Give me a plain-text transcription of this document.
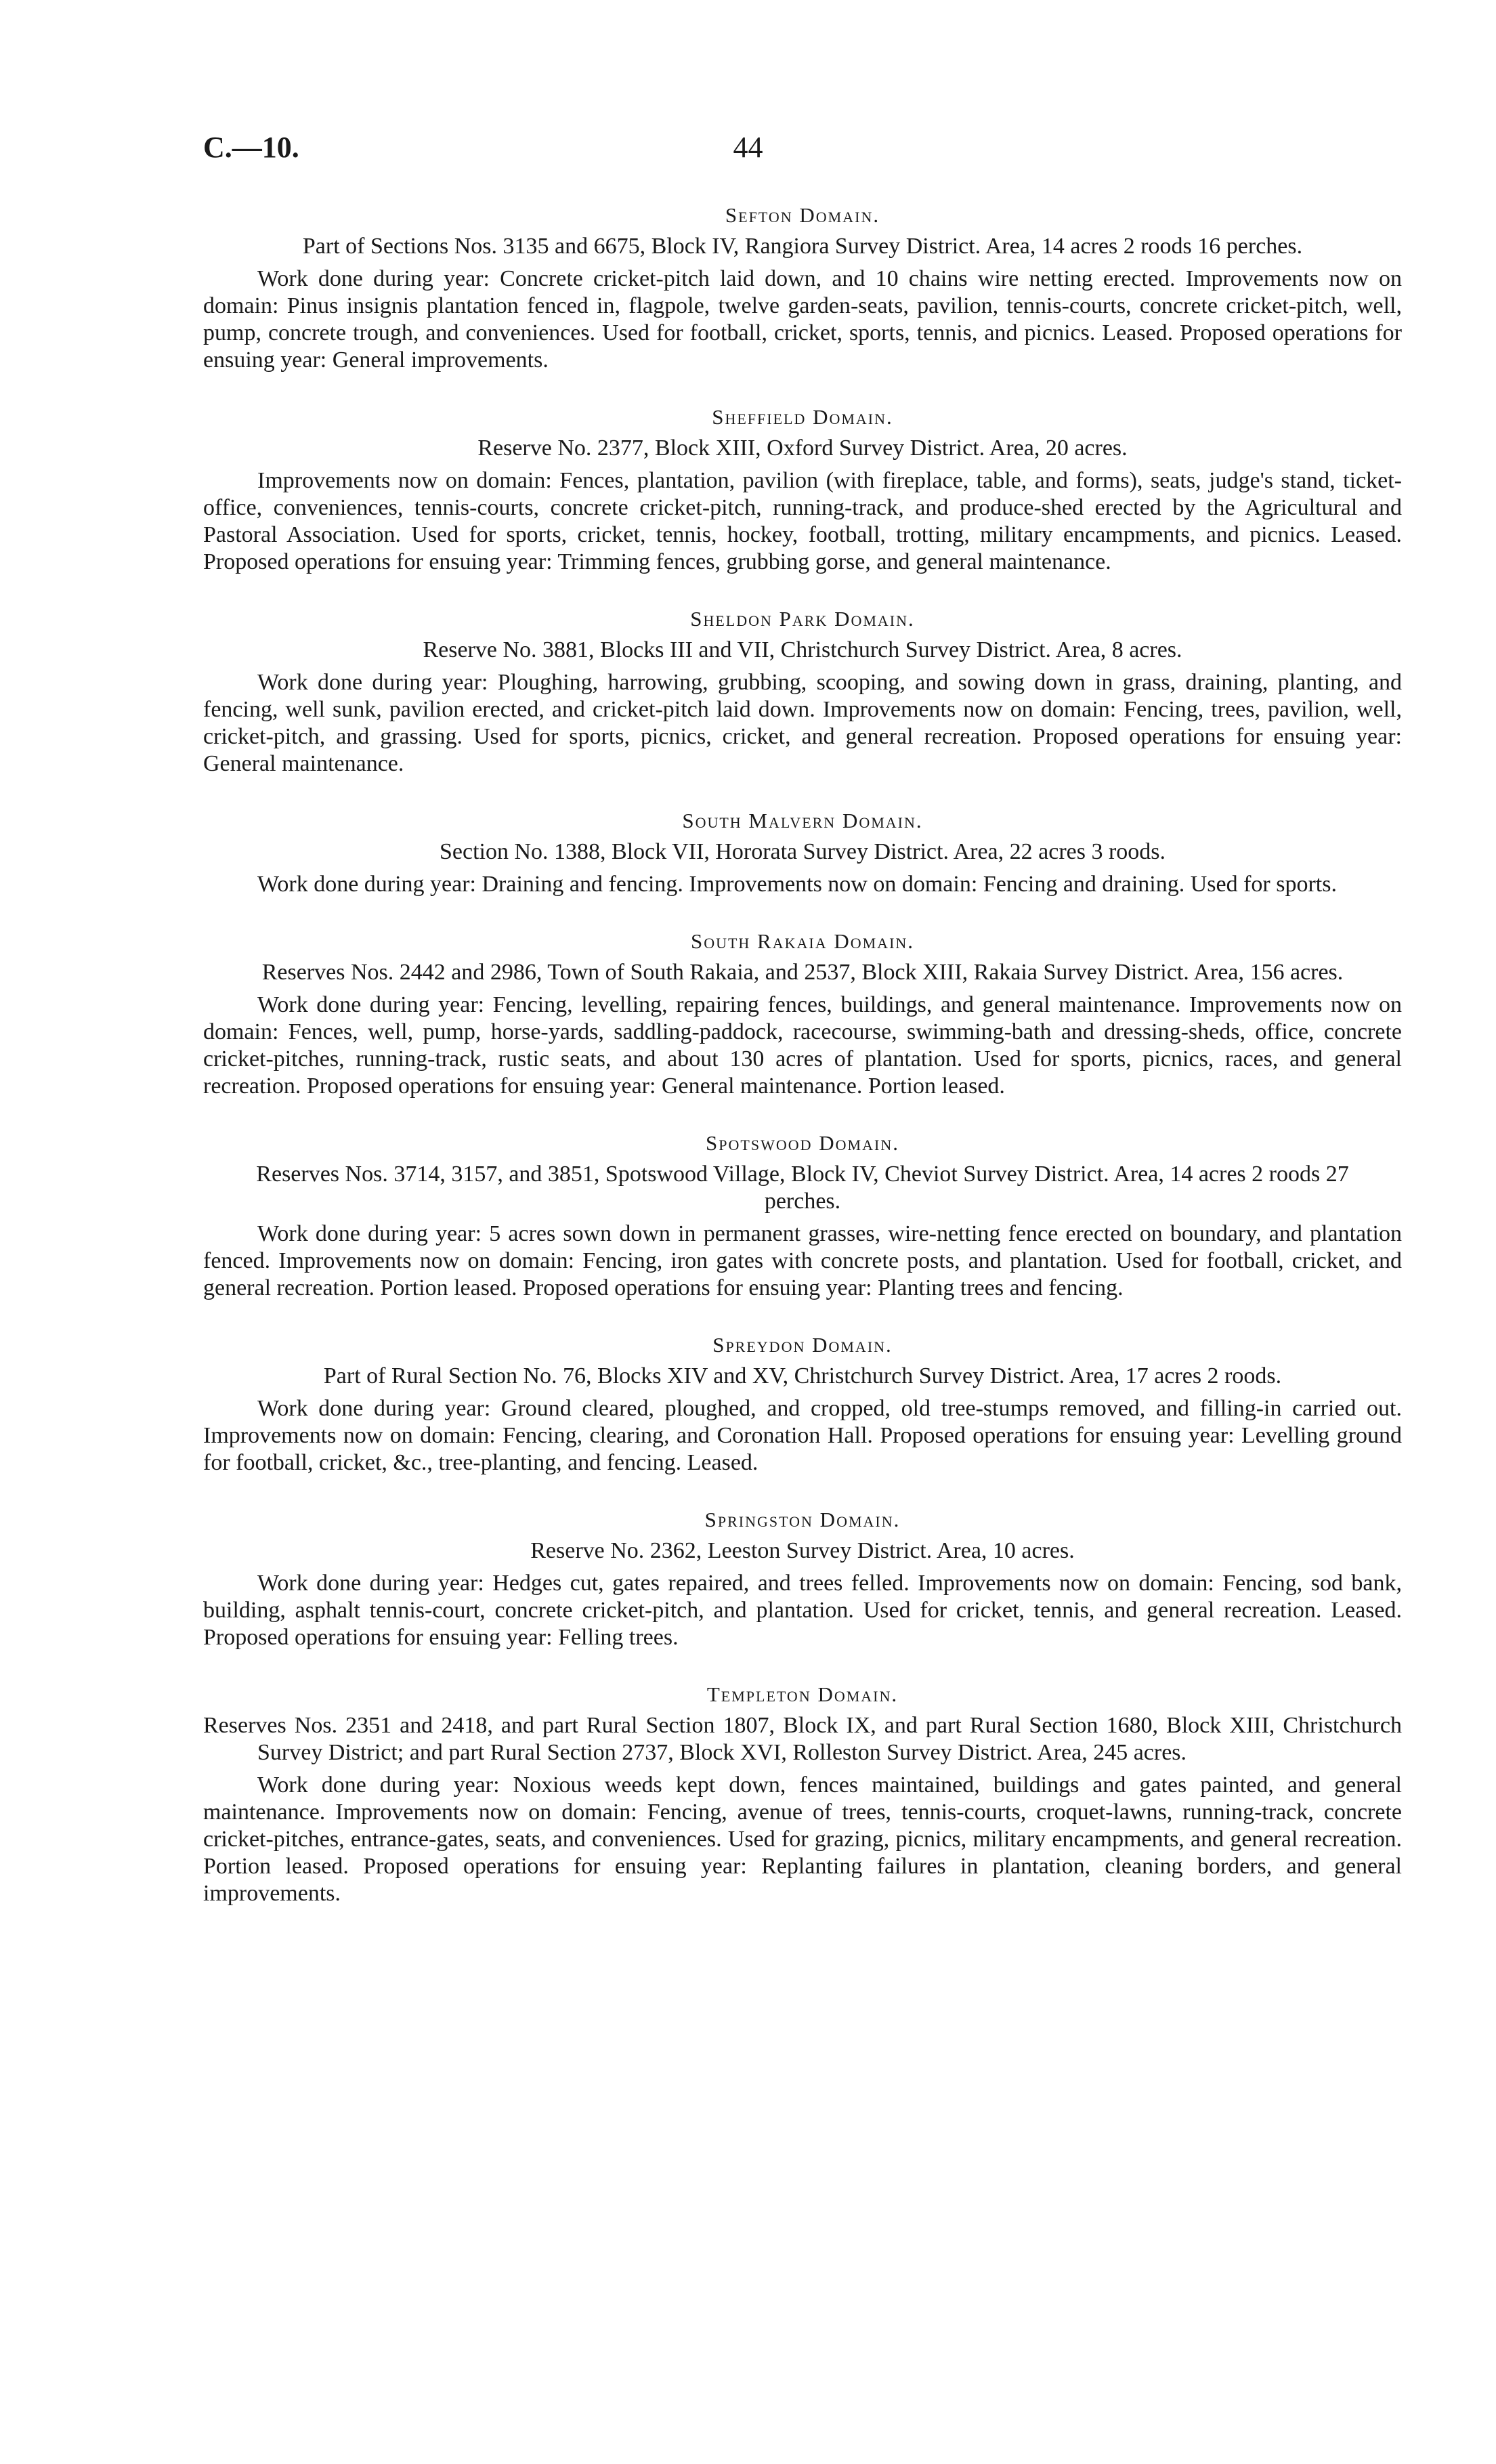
C.—10.	44
Sefton Domain.
Part of Sections Nos. 3135 and 6675, Block IV, Rangiora Survey District. Area, 14 acres 2 roods 16 perches.

Work done during year: Concrete cricket-pitch laid down, and 10 chains wire netting erected. Improvements now on domain: Pinus insignis plantation fenced in, flagpole, twelve garden-seats, pavilion, tennis-courts, concrete cricket-pitch, well, pump, concrete trough, and conveniences. Used for football, cricket, sports, tennis, and picnics. Leased. Proposed operations for ensuing year: General improvements.

Sheffield Domain.
Reserve No. 2377, Block XIII, Oxford Survey District. Area, 20 acres.

Improvements now on domain: Fences, plantation, pavilion (with fireplace, table, and forms), seats, judge's stand, ticket-office, conveniences, tennis-courts, concrete cricket-pitch, running-track, and produce-shed erected by the Agricultural and Pastoral Association. Used for sports, cricket, tennis, hockey, football, trotting, military encampments, and picnics. Leased. Proposed operations for ensuing year: Trimming fences, grubbing gorse, and general maintenance.

Sheldon Park Domain.
Reserve No. 3881, Blocks III and VII, Christchurch Survey District. Area, 8 acres.

Work done during year: Ploughing, harrowing, grubbing, scooping, and sowing down in grass, draining, planting, and fencing, well sunk, pavilion erected, and cricket-pitch laid down. Improvements now on domain: Fencing, trees, pavilion, well, cricket-pitch, and grassing. Used for sports, picnics, cricket, and general recreation. Proposed operations for ensuing year: General maintenance.

South Malvern Domain.
Section No. 1388, Block VII, Hororata Survey District. Area, 22 acres 3 roods.

Work done during year: Draining and fencing. Improvements now on domain: Fencing and draining. Used for sports.

South Rakaia Domain.
Reserves Nos. 2442 and 2986, Town of South Rakaia, and 2537, Block XIII, Rakaia Survey District. Area, 156 acres.

Work done during year: Fencing, levelling, repairing fences, buildings, and general maintenance. Improvements now on domain: Fences, well, pump, horse-yards, saddling-paddock, racecourse, swimming-bath and dressing-sheds, office, concrete cricket-pitches, running-track, rustic seats, and about 130 acres of plantation. Used for sports, picnics, races, and general recreation. Proposed operations for ensuing year: General maintenance. Portion leased.

Spotswood Domain.
Reserves Nos. 3714, 3157, and 3851, Spotswood Village, Block IV, Cheviot Survey District. Area, 14 acres 2 roods 27 perches.

Work done during year: 5 acres sown down in permanent grasses, wire-netting fence erected on boundary, and plantation fenced. Improvements now on domain: Fencing, iron gates with concrete posts, and plantation. Used for football, cricket, and general recreation. Portion leased. Proposed operations for ensuing year: Planting trees and fencing.

Spreydon Domain.
Part of Rural Section No. 76, Blocks XIV and XV, Christchurch Survey District. Area, 17 acres 2 roods.

Work done during year: Ground cleared, ploughed, and cropped, old tree-stumps removed, and filling-in carried out. Improvements now on domain: Fencing, clearing, and Coronation Hall. Proposed operations for ensuing year: Levelling ground for football, cricket, &c., tree-planting, and fencing. Leased.

Springston Domain.
Reserve No. 2362, Leeston Survey District. Area, 10 acres.

Work done during year: Hedges cut, gates repaired, and trees felled. Improvements now on domain: Fencing, sod bank, building, asphalt tennis-court, concrete cricket-pitch, and plantation. Used for cricket, tennis, and general recreation. Leased. Proposed operations for ensuing year: Felling trees.

Templeton Domain.
Reserves Nos. 2351 and 2418, and part Rural Section 1807, Block IX, and part Rural Section 1680, Block XIII, Christchurch Survey District; and part Rural Section 2737, Block XVI, Rolleston Survey District. Area, 245 acres.

Work done during year: Noxious weeds kept down, fences maintained, buildings and gates painted, and general maintenance. Improvements now on domain: Fencing, avenue of trees, tennis-courts, croquet-lawns, running-track, concrete cricket-pitches, entrance-gates, seats, and conveniences. Used for grazing, picnics, military encampments, and general recreation. Portion leased. Proposed operations for ensuing year: Replanting failures in plantation, cleaning borders, and general improvements.
